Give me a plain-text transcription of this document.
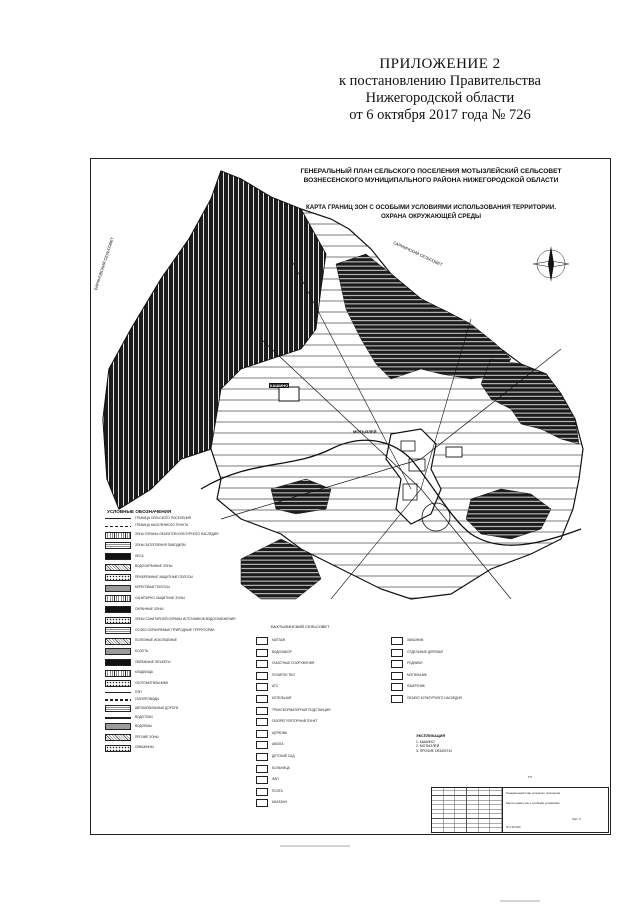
ПРИЛОЖЕНИЕ 2
к постановлению Правительства
Нижегородской области
от 6 октября 2017 года № 726
ГЕНЕРАЛЬНЫЙ ПЛАН СЕЛЬСКОГО ПОСЕЛЕНИЯ МОТЫЗЛЕЙСКИЙ СЕЛЬСОВЕТ
ВОЗНЕСЕНСКОГО МУНИЦИПАЛЬНОГО РАЙОНА НИЖЕГОРОДСКОЙ ОБЛАСТИ
КАРТА ГРАНИЦ ЗОН С ОСОБЫМИ УСЛОВИЯМИ ИСПОЛЬЗОВАНИЯ ТЕРРИТОРИИ.
ОХРАНА ОКРУЖАЮЩЕЙ СРЕДЫ
БАРАНОВСКИЙ СЕЛЬСОВЕТ	САРМИНСКИЙ СЕЛЬСОВЕТ
БАХТЫЗИНСКИЙ СЕЛЬСОВЕТ
КАШИНО
МОТЫЗЛЕЙ
УСЛОВНЫЕ ОБОЗНАЧЕНИЯ
ГРАНИЦА СЕЛЬСКОГО ПОСЕЛЕНИЯ
ГРАНИЦА НАСЕЛЕННОГО ПУНКТА
ЗОНА ОХРАНЫ ОБЪЕКТОВ КУЛЬТУРНОГО НАСЛЕДИЯ
ЗОНЫ ЗАТОПЛЕНИЯ ПАВОДКОМ
ЛЕСА
ВОДООХРАННЫЕ ЗОНЫ
ПРИБРЕЖНЫЕ ЗАЩИТНЫЕ ПОЛОСЫ
БЕРЕГОВЫЕ ПОЛОСЫ
САНИТАРНО-ЗАЩИТНЫЕ ЗОНЫ
ОХРАННЫЕ ЗОНЫ
ЗОНЫ САНИТАРНОЙ ОХРАНЫ ИСТОЧНИКОВ ВОДОСНАБЖЕНИЯ
ОСОБО ОХРАНЯЕМЫЕ ПРИРОДНЫЕ ТЕРРИТОРИИ
ПОЛЕЗНЫЕ ИСКОПАЕМЫЕ
БОЛОТА
ОВРАЖНЫЕ ОБЪЕКТЫ
КЛАДБИЩА
СКОТОМОГИЛЬНИКИ
ЛЭП
ГАЗОПРОВОДЫ
АВТОМОБИЛЬНЫЕ ДОРОГИ
ВОДОТОКИ
ВОДОЕМЫ
ПРОЧИЕ ЗОНЫ
СКВАЖИНЫ
КАПТАЖ
ВОДОЗАБОР
ОЧИСТНЫЕ СООРУЖЕНИЯ
ПОЛИГОН ТБО
АТС
КОТЕЛЬНАЯ
ТРАНСФОРМАТОРНАЯ ПОДСТАНЦИЯ
ГАЗОРЕГУЛЯТОРНЫЙ ПУНКТ
ЦЕРКОВЬ
ШКОЛА
ДЕТСКИЙ САД
БОЛЬНИЦА
ФАП
ПОЧТА
МАГАЗИН
ЗАКАЗНИК
ОТДЕЛЬНЫЕ ДЕРЕВЬЯ
РОДНИКИ
МОГИЛЬНИК
ПАМЯТНИК
ОБЪЕКТ КУЛЬТУРНОГО НАСЛЕДИЯ
ЭКСПЛИКАЦИЯ
1. КАШИНО
2. МОТЫЗЛЕЙ
3. ПРОЧИЕ ОБЪЕКТЫ
ГП
Генеральный план сельского поселения
Карта границ зон с особыми условиями
Лист 3
М 1:10 000
